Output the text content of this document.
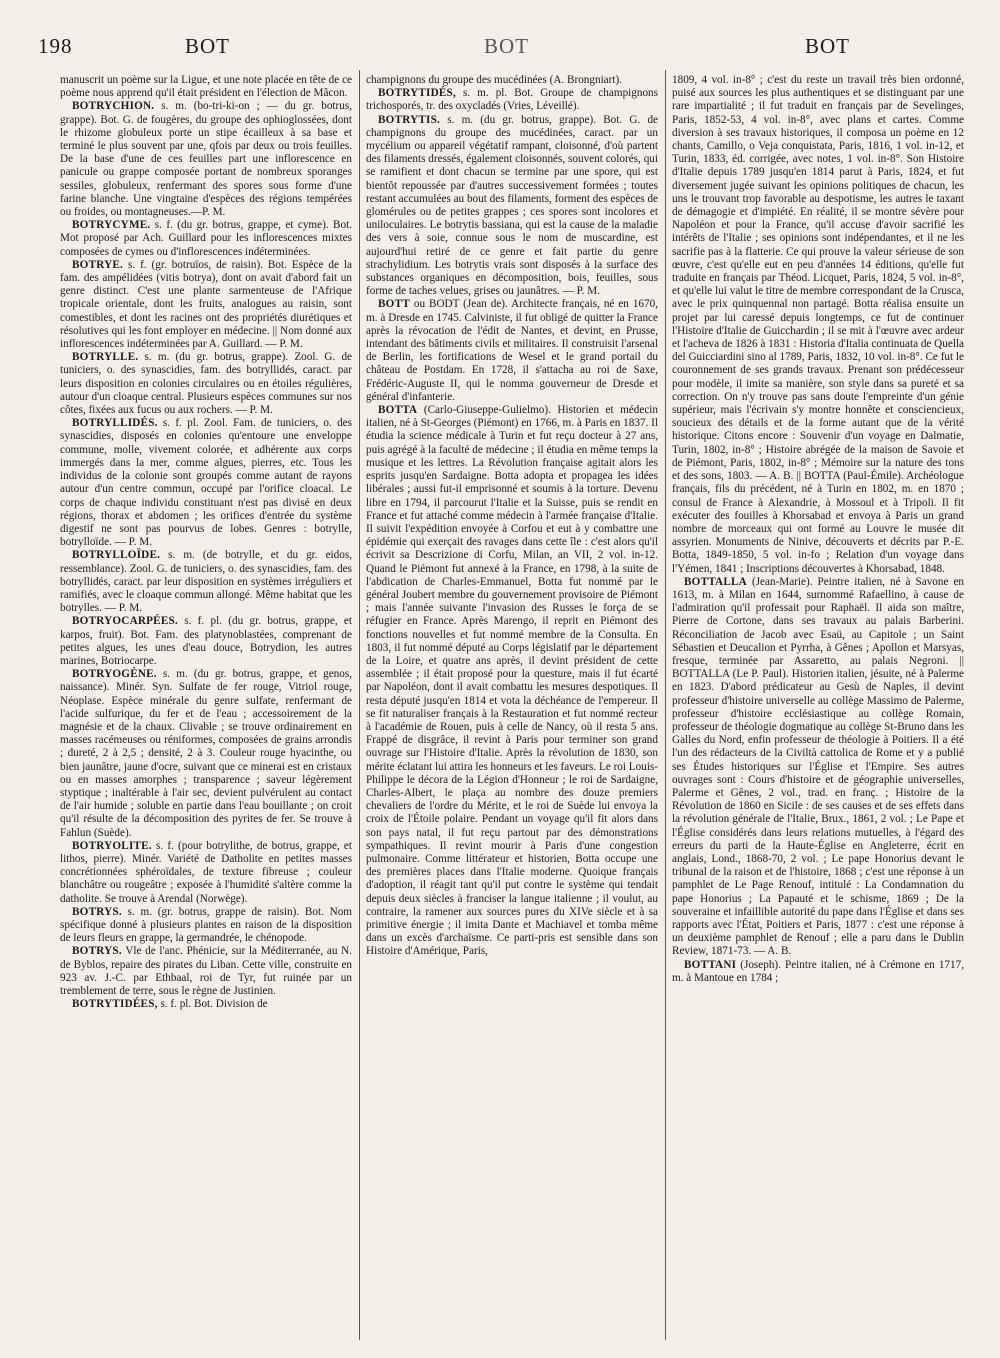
198	BOT	BOT	BOT

manuscrit un poème sur la Ligue, et une note placée en tête de ce poème nous apprend qu'il était président en l'élection de Mâcon.

BOTRYCHION. s. m. (bo-tri-ki-on ; — du gr. botrus, grappe). Bot. G. de fougères, du groupe des ophioglossées, dont le rhizome globuleux porte un stipe écailleux à sa base et terminé le plus souvent par une, qfois par deux ou trois feuilles. De la base d'une de ces feuilles part une inflorescence en panicule ou grappe composée portant de nombreux sporanges sessiles, globuleux, renfermant des spores sous forme d'une farine blanche. Une vingtaine d'espèces des régions tempérées ou froides, ou montagneuses.—P. M.

BOTRYCYME. s. f. (du gr. botrus, grappe, et cyme). Bot. Mot proposé par Ach. Guillard pour les inflorescences mixtes composées de cymes ou d'inflorescences indéterminées.

BOTRYE. s. f. (gr. botruïos, de raisin). Bot. Espèce de la fam. des ampélidées (vitis botrya), dont on avait d'abord fait un genre distinct. C'est une plante sarmenteuse de l'Afrique tropicale orientale, dont les fruits, analogues au raisin, sont comestibles, et dont les racines ont des propriétés diurétiques et résolutives qui les font employer en médecine. || Nom donné aux inflorescences indéterminées par A. Guillard. — P. M.

BOTRYLLE. s. m. (du gr. botrus, grappe). Zool. G. de tuniciers, o. des synascidies, fam. des botryllidés, caract. par leurs disposition en colonies circulaires ou en étoiles régulières, autour d'un cloaque central. Plusieurs espèces communes sur nos côtes, fixées aux fucus ou aux rochers. — P. M.

BOTRYLLIDÉS. s. f. pl. Zool. Fam. de tuniciers, o. des synascidies, disposés en colonies qu'entoure une enveloppe commune, molle, vivement colorée, et adhérente aux corps immergés dans la mer, comme algues, pierres, etc. Tous les individus de la colonie sont groupés comme autant de rayons autour d'un centre commun, occupé par l'orifice cloacal. Le corps de chaque individu constituant n'est pas divisé en deux régions, thorax et abdomen ; les orifices d'entrée du système digestif ne sont pas pourvus de lobes. Genres : botrylle, botrylloïde. — P. M.

BOTRYLLOÏDE. s. m. (de botrylle, et du gr. eidos, ressemblance). Zool. G. de tuniciers, o. des synascidies, fam. des botryllidés, caract. par leur disposition en systèmes irréguliers et ramifiés, avec le cloaque commun allongé. Même habitat que les botrylles. — P. M.

BOTRYOCARPÉES. s. f. pl. (du gr. botrus, grappe, et karpos, fruit). Bot. Fam. des platynoblastées, comprenant de petites algues, les unes d'eau douce, Botrydion, les autres marines, Botriocarpe.

BOTRYOGÈNE. s. m. (du gr. botrus, grappe, et genos, naissance). Minér. Syn. Sulfate de fer rouge, Vitriol rouge, Néoplase. Espèce minérale du genre sulfate, renfermant de l'acide sulfurique, du fer et de l'eau ; accessoirement de la magnésie et de la chaux. Clivable ; se trouve ordinairement en masses racémeuses ou réniformes, composées de grains arrondis ; dureté, 2 à 2,5 ; densité, 2 à 3. Couleur rouge hyacinthe, ou bien jaunâtre, jaune d'ocre, suivant que ce minerai est en cristaux ou en masses amorphes ; transparence ; saveur légèrement styptique ; inaltérable à l'air sec, devient pulvérulent au contact de l'air humide ; soluble en partie dans l'eau bouillante ; on croit qu'il résulte de la décomposition des pyrites de fer. Se trouve à Fahlun (Suède).

BOTRYOLITE. s. f. (pour botrylithe, de botrus, grappe, et lithos, pierre). Minér. Variété de Datholite en petites masses concrétionnées sphéroïdales, de texture fibreuse ; couleur blanchâtre ou rougeâtre ; exposée à l'humidité s'altère comme la datholite. Se trouve à Arendal (Norwège).

BOTRYS. s. m. (gr. botrus, grappe de raisin). Bot. Nom spécifique donné à plusieurs plantes en raison de la disposition de leurs fleurs en grappe, la germandrée, le chénopode.

BOTRYS. Vle de l'anc. Phénicie, sur la Méditerranée, au N. de Byblos, repaire des pirates du Liban. Cette ville, construite en 923 av. J.-C. par Ethbaal, roi de Tyr, fut ruinée par un tremblement de terre, sous le règne de Justinien.

BOTRYTIDÉES, s. f. pl. Bot. Division de

champignons du groupe des mucédinées (A. Brongniart).

BOTRYTIDÉS, s. m. pl. Bot. Groupe de champignons trichosporés, tr. des oxycladés (Vries, Léveillé).

BOTRYTIS. s. m. (du gr. botrus, grappe). Bot. G. de champignons du groupe des mucédinées, caract. par un mycélium ou appareil végétatif rampant, cloisonné, d'où partent des filaments dressés, également cloisonnés, souvent colorés, qui se ramifient et dont chacun se termine par une spore, qui est bientôt repoussée par d'autres successivement formées ; toutes restant accumulées au bout des filaments, forment des espèces de glomérules ou de petites grappes ; ces spores sont incolores et uniloculaires. Le botrytis bassiana, qui est la cause de la maladie des vers à soie, connue sous le nom de muscardine, est aujourd'hui retiré de ce genre et fait partie du genre strachylidium. Les botrytis vrais sont disposés à la surface des substances organiques en décomposition, bois, feuilles, sous forme de taches velues, grises ou jaunâtres. — P. M.

BOTT ou BODT (Jean de). Architecte français, né en 1670, m. à Dresde en 1745. Calviniste, il fut obligé de quitter la France après la révocation de l'édit de Nantes, et devint, en Prusse, intendant des bâtiments civils et militaires. Il construisit l'arsenal de Berlin, les fortifications de Wesel et le grand portail du château de Postdam. En 1728, il s'attacha au roi de Saxe, Frédéric-Auguste II, qui le nomma gouverneur de Dresde et général d'infanterie.

BOTTA (Carlo-Giuseppe-Gulielmo). Historien et médecin italien, né à St-Georges (Piémont) en 1766, m. à Paris en 1837. Il étudia la science médicale à Turin et fut reçu docteur à 27 ans, puis agrégé à la faculté de médecine ; il étudia en même temps la musique et les lettres. La Révolution française agitait alors les esprits jusqu'en Sardaigne. Botta adopta et propagea les idées libérales ; aussi fut-il emprisonné et soumis à la torture. Devenu libre en 1794, il parcourut l'Italie et la Suisse, puis se rendit en France et fut attaché comme médecin à l'armée française d'Italie. Il suivit l'expédition envoyée à Corfou et eut à y combattre une épidémie qui exerçait des ravages dans cette île : c'est alors qu'il écrivit sa Descrizione di Corfu, Milan, an VII, 2 vol. in-12. Quand le Piémont fut annexé à la France, en 1798, à la suite de l'abdication de Charles-Emmanuel, Botta fut nommé par le général Joubert membre du gouvernement provisoire de Piémont ; mais l'année suivante l'invasion des Russes le força de se réfugier en France. Après Marengo, il reprit en Piémont des fonctions nouvelles et fut nommé membre de la Consulta. En 1803, il fut nommé député au Corps législatif par le département de la Loire, et quatre ans après, il devint président de cette assemblée ; il était proposé pour la questure, mais il fut écarté par Napoléon, dont il avait combattu les mesures despotiques. Il resta député jusqu'en 1814 et vota la déchéance de l'empereur. Il se fit naturaliser français à la Restauration et fut nommé recteur à l'académie de Rouen, puis à celle de Nancy, où il resta 5 ans. Frappé de disgrâce, il revint à Paris pour terminer son grand ouvrage sur l'Histoire d'Italie. Après la révolution de 1830, son mérite éclatant lui attira les honneurs et les faveurs. Le roi Louis-Philippe le décora de la Légion d'Honneur ; le roi de Sardaigne, Charles-Albert, le plaça au nombre des douze premiers chevaliers de l'ordre du Mérite, et le roi de Suède lui envoya la croix de l'Étoile polaire. Pendant un voyage qu'il fit alors dans son pays natal, il fut reçu partout par des démonstrations sympathiques. Il revint mourir à Paris d'une congestion pulmonaire. Comme littérateur et historien, Botta occupe une des premières places dans l'Italie moderne. Quoique français d'adoption, il réagit tant qu'il put contre le système qui tendait depuis deux siècles à franciser la langue italienne ; il voulut, au contraire, la ramener aux sources pures du XIVe siècle et à sa primitive énergie ; il imita Dante et Machiavel et tomba même dans un excès d'archaïsme. Ce parti-pris est sensible dans son Histoire d'Amérique, Paris,

1809, 4 vol. in-8° ; c'est du reste un travail très bien ordonné, puisé aux sources les plus authentiques et se distinguant par une rare impartialité ; il fut traduit en français par de Sevelinges, Paris, 1852-53, 4 vol. in-8°, avec plans et cartes. Comme diversion à ses travaux historiques, il composa un poème en 12 chants, Camillo, o Veja conquistata, Paris, 1816, 1 vol. in-12, et Turin, 1833, éd. corrigée, avec notes, 1 vol. in-8°. Son Histoire d'Italie depuis 1789 jusqu'en 1814 parut à Paris, 1824, et fut diversement jugée suivant les opinions politiques de chacun, les uns le trouvant trop favorable au despotisme, les autres le taxant de démagogie et d'impiété. En réalité, il se montre sévère pour Napoléon et pour la France, qu'il accuse d'avoir sacrifié les intérêts de l'Italie ; ses opinions sont indépendantes, et il ne les sacrifie pas à la flatterie. Ce qui prouve la valeur sérieuse de son œuvre, c'est qu'elle eut en peu d'années 14 éditions, qu'elle fut traduite en français par Théod. Licquet, Paris, 1824, 5 vol. in-8°, et qu'elle lui valut le titre de membre correspondant de la Crusca, avec le prix quinquennal non partagé. Botta réalisa ensuite un projet par lui caressé depuis longtemps, ce fut de continuer l'Histoire d'Italie de Guicchardin ; il se mit à l'œuvre avec ardeur et l'acheva de 1826 à 1831 : Historia d'Italia continuata de Quella del Guicciardini sino al 1789, Paris, 1832, 10 vol. in-8°. Ce fut le couronnement de ses grands travaux. Prenant son prédécesseur pour modèle, il imite sa manière, son style dans sa pureté et sa correction. On n'y trouve pas sans doute l'empreinte d'un génie supérieur, mais l'écrivain s'y montre honnête et consciencieux, soucieux des détails et de la forme autant que de la vérité historique. Citons encore : Souvenir d'un voyage en Dalmatie, Turin, 1802, in-8° ; Histoire abrégée de la maison de Savoie et de Piémont, Paris, 1802, in-8° ; Mémoire sur la nature des tons et des sons, 1803. — A. B. || BOTTA (Paul-Émile). Archéologue français, fils du précédent, né à Turin en 1802, m. en 1870 ; consul de France à Alexandrie, à Mossoul et à Tripoli. Il fit exécuter des fouilles à Khorsabad et envoya à Paris un grand nombre de morceaux qui ont formé au Louvre le musée dit assyrien. Monuments de Ninive, découverts et décrits par P.-E. Botta, 1849-1850, 5 vol. in-fo ; Relation d'un voyage dans l'Yémen, 1841 ; Inscriptions découvertes à Khorsabad, 1848.

BOTTALLA (Jean-Marie). Peintre italien, né à Savone en 1613, m. à Milan en 1644, surnommé Rafaellino, à cause de l'admiration qu'il professait pour Raphaël. Il aida son maître, Pierre de Cortone, dans ses travaux au palais Barberini. Réconciliation de Jacob avec Esaü, au Capitole ; un Saint Sébastien et Deucalion et Pyrrha, à Gênes ; Apollon et Marsyas, fresque, terminée par Assaretto, au palais Negroni. || BOTTALLA (Le P. Paul). Historien italien, jésuite, né à Palerme en 1823. D'abord prédicateur au Gesù de Naples, il devint professeur d'histoire universelle au collège Massimo de Palerme, professeur d'histoire ecclésiastique au collège Romain, professeur de théologie dogmatique au collège St-Bruno dans les Galles du Nord, enfin professeur de théologie à Poitiers. Il a été l'un des rédacteurs de la Civiltà cattolica de Rome et y a publié ses Études historiques sur l'Église et l'Empire. Ses autres ouvrages sont : Cours d'histoire et de géographie universelles, Palerme et Gênes, 2 vol., trad. en franç. ; Histoire de la Révolution de 1860 en Sicile : de ses causes et de ses effets dans la révolution générale de l'Italie, Brux., 1861, 2 vol. ; Le Pape et l'Église considérés dans leurs relations mutuelles, à l'égard des erreurs du parti de la Haute-Église en Angleterre, écrit en anglais, Lond., 1868-70, 2 vol. ; Le pape Honorius devant le tribunal de la raison et de l'histoire, 1868 ; c'est une réponse à un pamphlet de Le Page Renouf, intitulé : La Condamnation du pape Honorius ; La Papauté et le schisme, 1869 ; De la souveraine et infaillible autorité du pape dans l'Église et dans ses rapports avec l'État, Poitiers et Paris, 1877 : c'est une réponse à un deuxième pamphlet de Renouf ; elle a paru dans le Dublin Review, 1871-73. — A. B.

BOTTANI (Joseph). Peintre italien, né à Crémone en 1717, m. à Mantoue en 1784 ;
